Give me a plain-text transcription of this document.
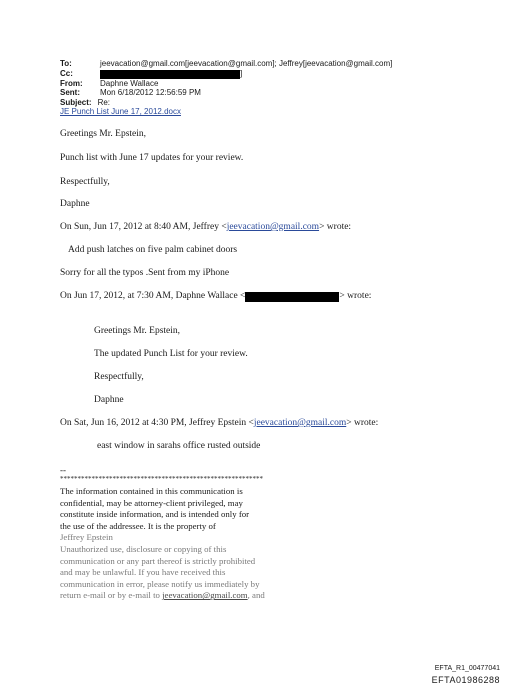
To:	jeevacation@gmail.com[jeevacation@gmail.com]; Jeffrey[jeevacation@gmail.com]
Cc:	]
From:	Daphne Wallace
Sent:	Mon 6/18/2012 12:56:59 PM
Subject: Re:
JE Punch List June 17, 2012.docx
Greetings Mr. Epstein,
Punch list with June 17 updates for your review.
Respectfully,
Daphne
On Sun, Jun 17, 2012 at 8:40 AM, Jeffrey <jeevacation@gmail.com> wrote:
Add push latches on five palm cabinet doors
Sorry for all the typos .Sent from my iPhone
On Jun 17, 2012, at 7:30 AM, Daphne Wallace <	> wrote:
Greetings Mr. Epstein,
The updated Punch List for your review.
Respectfully,
Daphne
On Sat, Jun 16, 2012 at 4:30 PM, Jeffrey Epstein <jeevacation@gmail.com> wrote:
east window in sarahs office rusted outside
--
**********************************************************
The information contained in this communication is
confidential, may be attorney-client privileged, may
constitute inside information, and is intended only for
the use of the addressee. It is the property of
Jeffrey Epstein
Unauthorized use, disclosure or copying of this
communication or any part thereof is strictly prohibited
and may be unlawful. If you have received this
communication in error, please notify us immediately by
return e-mail or by e-mail to jeevacation@gmail.com, and
EFTA_R1_00477041
EFTA01986288
